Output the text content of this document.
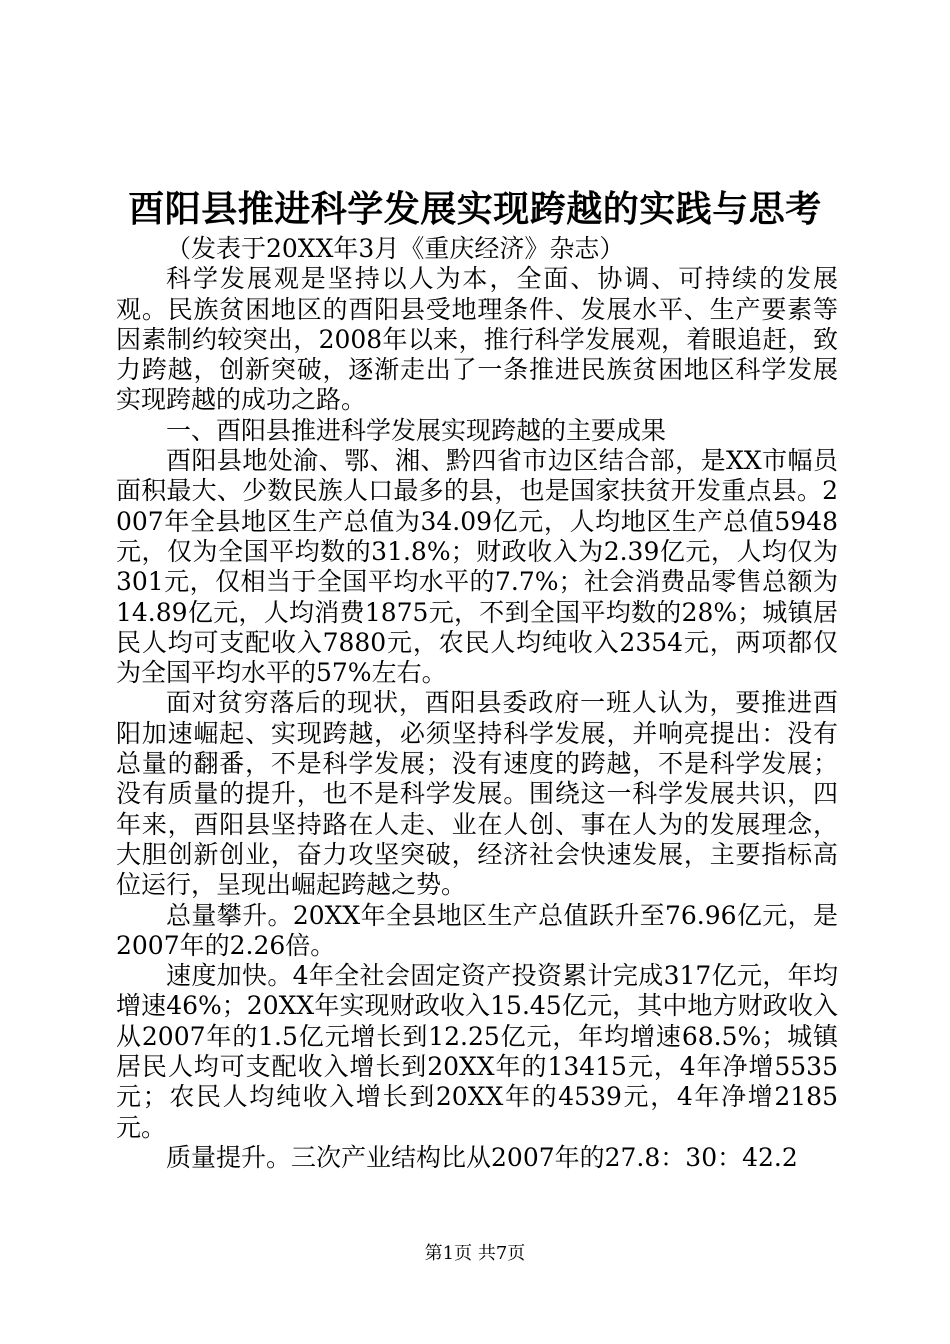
酉阳县推进科学发展实现跨越的实践与思考

（发表于20XX年3月《重庆经济》杂志）

科学发展观是坚持以人为本，全面、协调、可持续的发展观。民族贫困地区的酉阳县受地理条件、发展水平、生产要素等因素制约较突出，2008年以来，推行科学发展观，着眼追赶，致力跨越，创新突破，逐渐走出了一条推进民族贫困地区科学发展实现跨越的成功之路。

一、酉阳县推进科学发展实现跨越的主要成果

酉阳县地处渝、鄂、湘、黔四省市边区结合部，是XX市幅员面积最大、少数民族人口最多的县，也是国家扶贫开发重点县。2007年全县地区生产总值为34.09亿元，人均地区生产总值5948元，仅为全国平均数的31.8%；财政收入为2.39亿元，人均仅为301元，仅相当于全国平均水平的7.7%；社会消费品零售总额为14.89亿元，人均消费1875元，不到全国平均数的28%；城镇居民人均可支配收入7880元，农民人均纯收入2354元，两项都仅为全国平均水平的57%左右。

面对贫穷落后的现状，酉阳县委政府一班人认为，要推进酉阳加速崛起、实现跨越，必须坚持科学发展，并响亮提出：没有总量的翻番，不是科学发展；没有速度的跨越，不是科学发展；没有质量的提升，也不是科学发展。围绕这一科学发展共识，四年来，酉阳县坚持路在人走、业在人创、事在人为的发展理念，大胆创新创业，奋力攻坚突破，经济社会快速发展，主要指标高位运行，呈现出崛起跨越之势。

总量攀升。20XX年全县地区生产总值跃升至76.96亿元，是2007年的2.26倍。

速度加快。4年全社会固定资产投资累计完成317亿元，年均增速46%；20XX年实现财政收入15.45亿元，其中地方财政收入从2007年的1.5亿元增长到12.25亿元，年均增速68.5%；城镇居民人均可支配收入增长到20XX年的13415元，4年净增5535元；农民人均纯收入增长到20XX年的4539元，4年净增2185元。

质量提升。三次产业结构比从2007年的27.8：30：42.2

第1页 共7页
